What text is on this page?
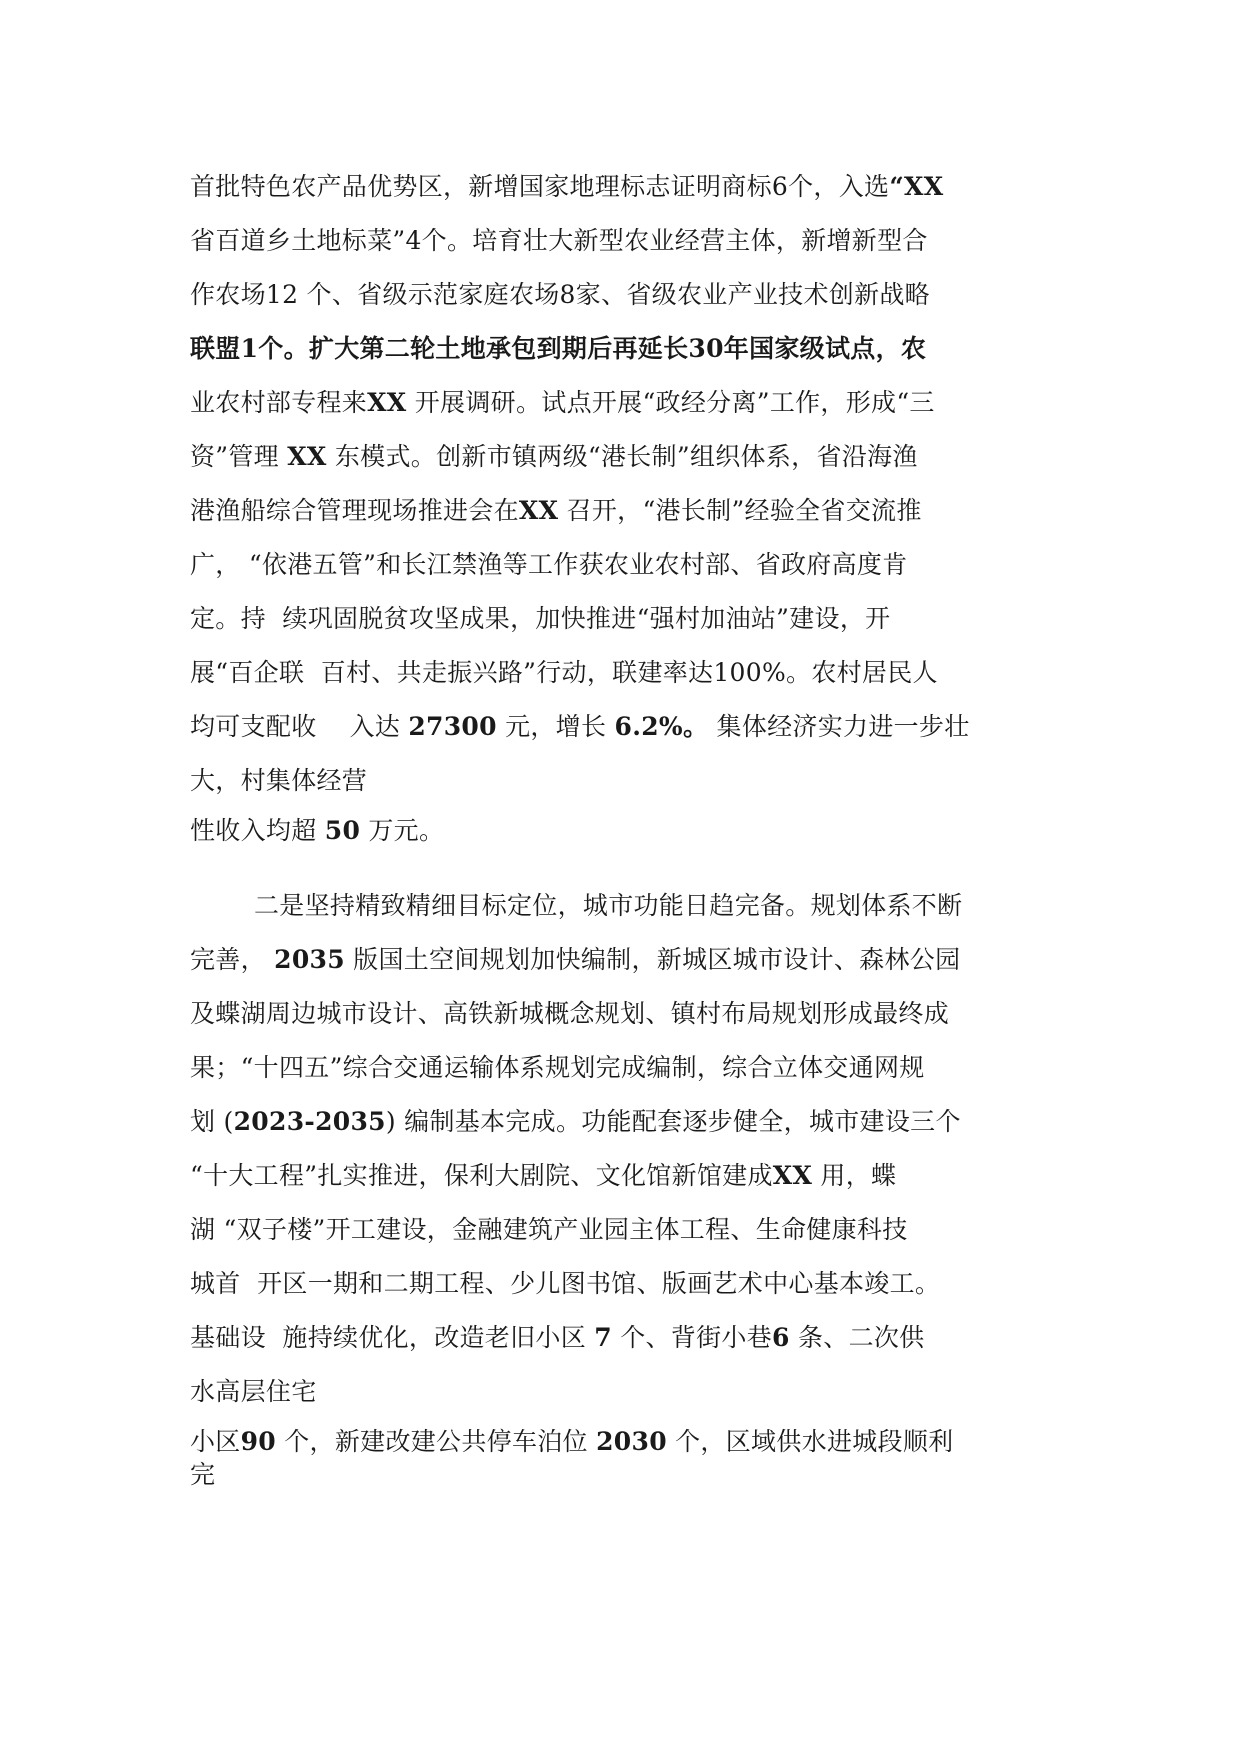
首批特色农产品优势区，新增国家地理标志证明商标6个，入选“XX
省百道乡土地标菜”4个。培育壮大新型农业经营主体，新增新型合
作农场12 个、省级示范家庭农场8家、省级农业产业技术创新战略
联盟1个。扩大第二轮土地承包到期后再延长30年国家级试点，农
业农村部专程来XX 开展调研。试点开展“政经分离”工作，形成“三
资”管理 XX 东模式。创新市镇两级“港长制”组织体系，省沿海渔
港渔船综合管理现场推进会在XX 召开，“港长制”经验全省交流推
广， “依港五管”和长江禁渔等工作获农业农村部、省政府高度肯
定。持  续巩固脱贫攻坚成果，加快推进“强村加油站”建设，开
展“百企联  百村、共走振兴路”行动，联建率达100%。农村居民人
均可支配收    入达 27300 元，增长 6.2%。 集体经济实力进一步壮
大，村集体经营
性收入均超 50 万元。
二是坚持精致精细目标定位，城市功能日趋完备。规划体系不断
完善， 2035 版国土空间规划加快编制，新城区城市设计、森林公园
及蝶湖周边城市设计、高铁新城概念规划、镇村布局规划形成最终成
果；“十四五”综合交通运输体系规划完成编制，综合立体交通网规
划 (2023-2035) 编制基本完成。功能配套逐步健全，城市建设三个
“十大工程”扎实推进，保利大剧院、文化馆新馆建成XX 用，蝶
湖 “双子楼”开工建设，金融建筑产业园主体工程、生命健康科技
城首  开区一期和二期工程、少儿图书馆、版画艺术中心基本竣工。
基础设  施持续优化，改造老旧小区 7 个、背街小巷6 条、二次供
水高层住宅
小区90 个，新建改建公共停车泊位 2030 个，区域供水进城段顺利
完
